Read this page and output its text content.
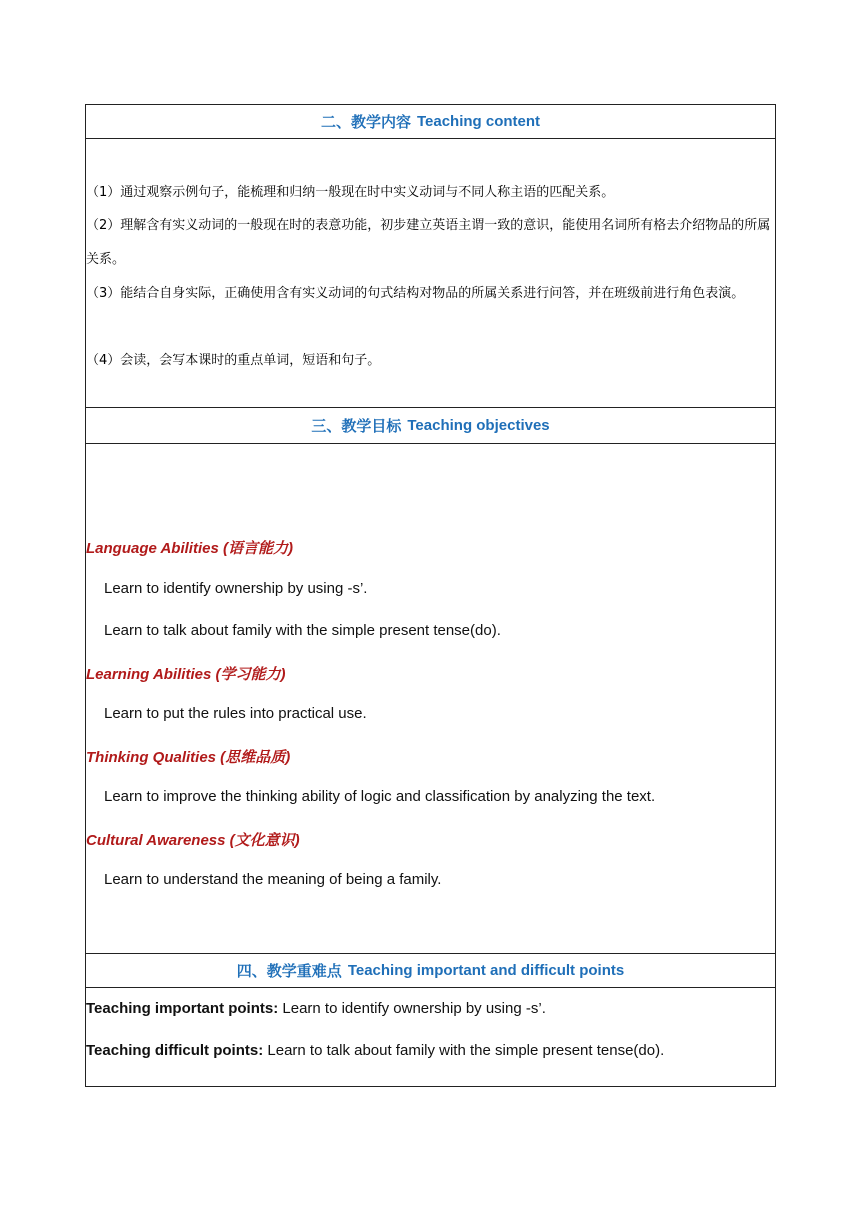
二、教学内容 Teaching content

（1）通过观察示例句子，能梳理和归纳一般现在时中实义动词与不同人称主语的匹配关系。

（2）理解含有实义动词的一般现在时的表意功能，初步建立英语主谓一致的意识，能使用名词所有格去介绍物品的所属关系。

（3）能结合自身实际，正确使用含有实义动词的句式结构对物品的所属关系进行问答，并在班级前进行角色表演。

（4）会读，会写本课时的重点单词，短语和句子。

三、教学目标 Teaching objectives
Language Abilities (语言能力)
Learn to identify ownership by using -s’.
Learn to talk about family with the simple present tense(do).
Learning Abilities (学习能力)
Learn to put the rules into practical use.
Thinking Qualities (思维品质)
Learn to improve the thinking ability of logic and classification by analyzing the text.
Cultural Awareness (文化意识)
Learn to understand the meaning of being a family.
四、教学重难点 Teaching important and difficult points
Teaching important points: Learn to identify ownership by using -s’.
Teaching difficult points: Learn to talk about family with the simple present tense(do).
